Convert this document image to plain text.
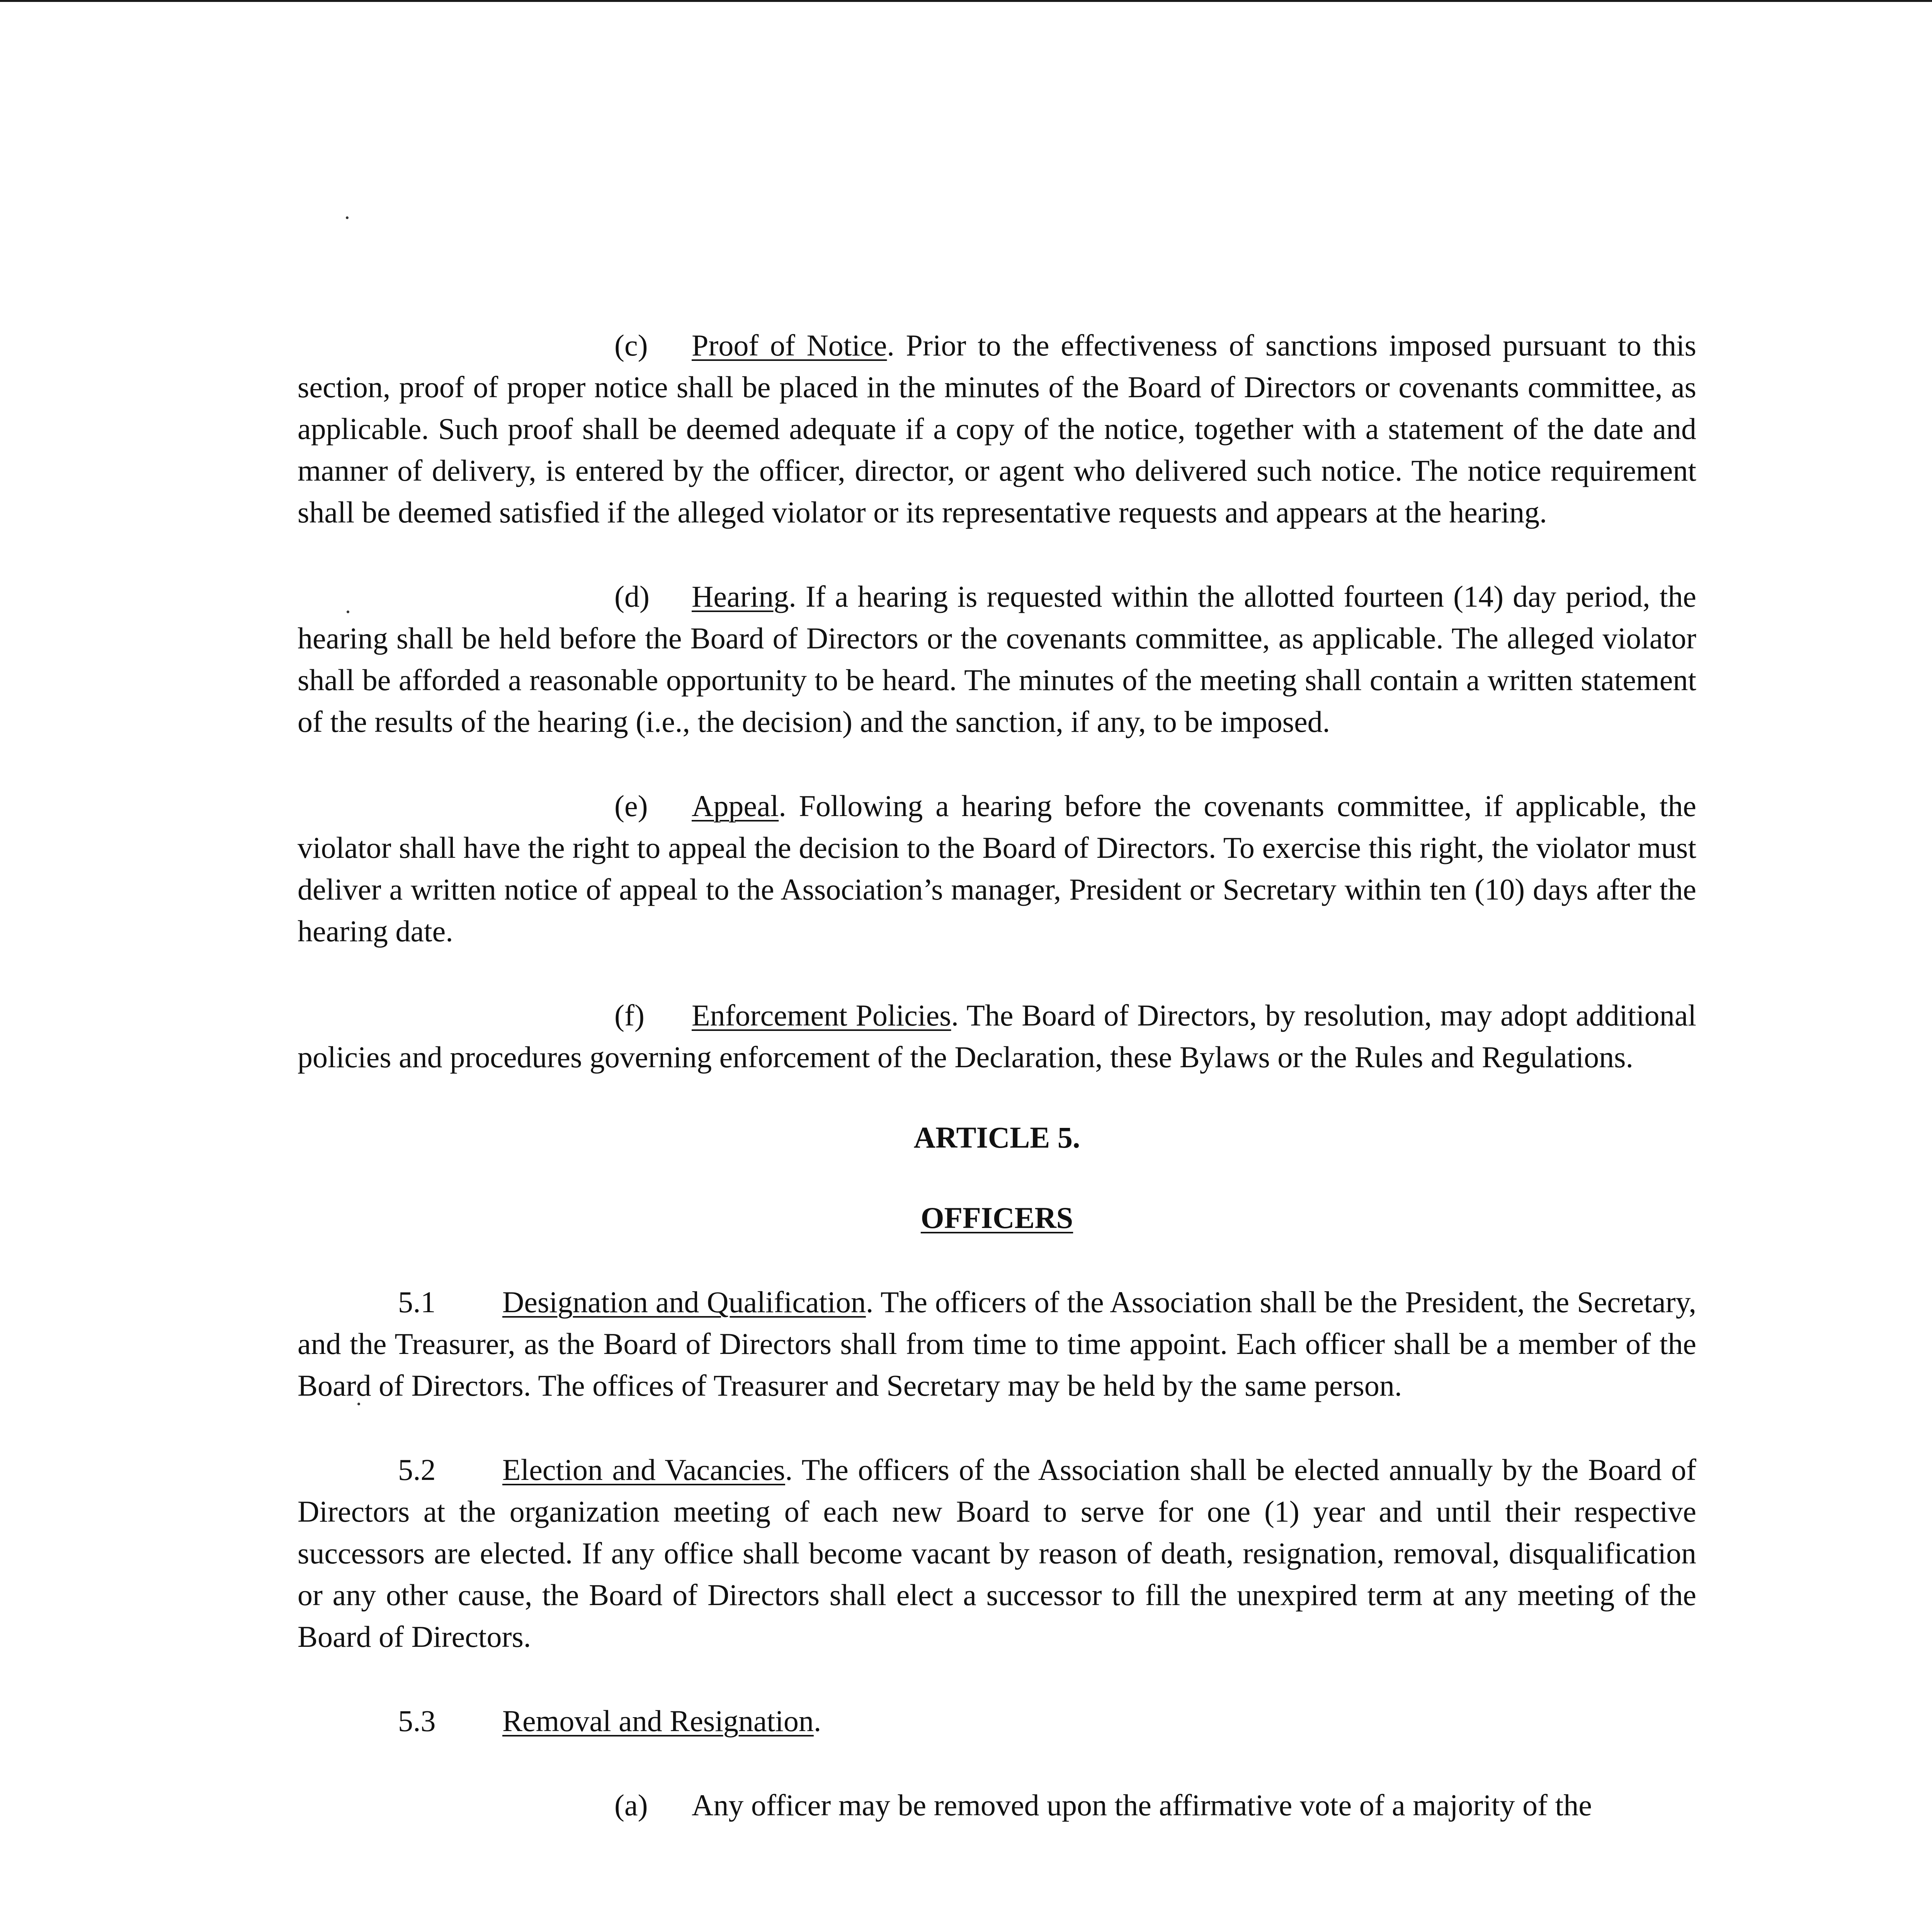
(c) Proof of Notice. Prior to the effectiveness of sanctions imposed pursuant to this section, proof of proper notice shall be placed in the minutes of the Board of Directors or covenants committee, as applicable. Such proof shall be deemed adequate if a copy of the notice, together with a statement of the date and manner of delivery, is entered by the officer, director, or agent who delivered such notice. The notice requirement shall be deemed satisfied if the alleged violator or its representative requests and appears at the hearing.

(d) Hearing. If a hearing is requested within the allotted fourteen (14) day period, the hearing shall be held before the Board of Directors or the covenants committee, as applicable. The alleged violator shall be afforded a reasonable opportunity to be heard. The minutes of the meeting shall contain a written statement of the results of the hearing (i.e., the decision) and the sanction, if any, to be imposed.

(e) Appeal. Following a hearing before the covenants committee, if applicable, the violator shall have the right to appeal the decision to the Board of Directors. To exercise this right, the violator must deliver a written notice of appeal to the Association’s manager, President or Secretary within ten (10) days after the hearing date.

(f) Enforcement Policies. The Board of Directors, by resolution, may adopt additional policies and procedures governing enforcement of the Declaration, these Bylaws or the Rules and Regulations.

ARTICLE 5.

OFFICERS

5.1 Designation and Qualification. The officers of the Association shall be the President, the Secretary, and the Treasurer, as the Board of Directors shall from time to time appoint. Each officer shall be a member of the Board of Directors. The offices of Treasurer and Secretary may be held by the same person.

5.2 Election and Vacancies. The officers of the Association shall be elected annually by the Board of Directors at the organization meeting of each new Board to serve for one (1) year and until their respective successors are elected. If any office shall become vacant by reason of death, resignation, removal, disqualification or any other cause, the Board of Directors shall elect a successor to fill the unexpired term at any meeting of the Board of Directors.

5.3 Removal and Resignation.

(a) Any officer may be removed upon the affirmative vote of a majority of the
